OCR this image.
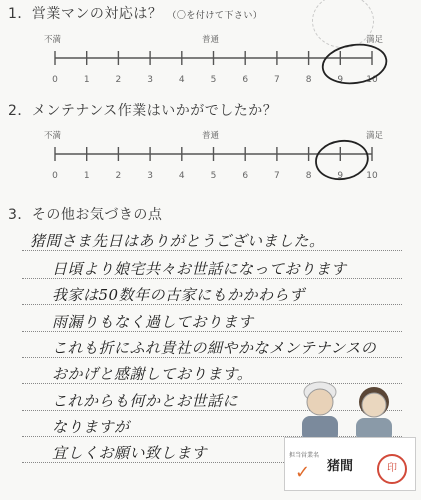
1．営業マンの対応は？ （〇を付けて下さい）
不満	普通	満足
0	1	2	3	4	5	6	7	8	9	10
2．メンテナンス作業はいかがでしたか？
不満	普通	満足
0	1	2	3	4	5	6	7	8	9	10
3．その他お気づきの点
猪間さま先日はありがとうございました。
日頃より娘宅共々お世話になっております
我家は50数年の古家にもかかわらず
雨漏りもなく過しております
これも折にふれ貴社の細やかなメンテナンスの
おかげと感謝しております。
これからも何かとお世話に
なりますが
宜しくお願い致します	担当営業名
✓ 猪間	印
